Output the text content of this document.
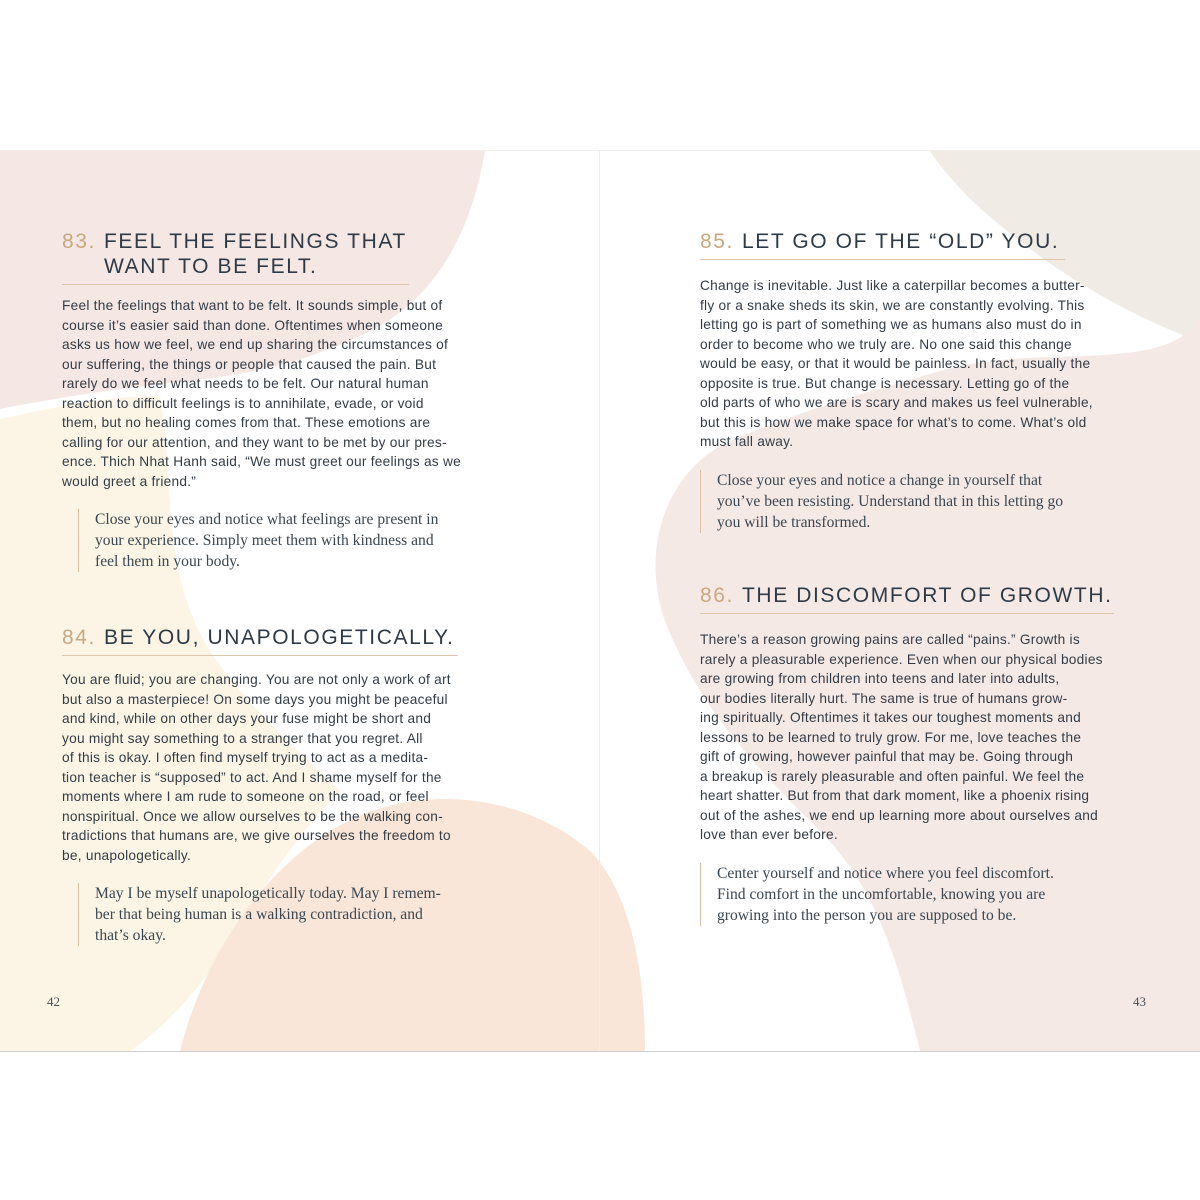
83. FEEL THE FEELINGS THAT
WANT TO BE FELT.

Feel the feelings that want to be felt. It sounds simple, but of
course it’s easier said than done. Oftentimes when someone
asks us how we feel, we end up sharing the circumstances of
our suffering, the things or people that caused the pain. But
rarely do we feel what needs to be felt. Our natural human
reaction to difficult feelings is to annihilate, evade, or void
them, but no healing comes from that. These emotions are
calling for our attention, and they want to be met by our pres-
ence. Thich Nhat Hanh said, “We must greet our feelings as we
would greet a friend.”

Close your eyes and notice what feelings are present in
your experience. Simply meet them with kindness and
feel them in your body.
84. BE YOU, UNAPOLOGETICALLY.

You are fluid; you are changing. You are not only a work of art
but also a masterpiece! On some days you might be peaceful
and kind, while on other days your fuse might be short and
you might say something to a stranger that you regret. All
of this is okay. I often find myself trying to act as a medita-
tion teacher is “supposed” to act. And I shame myself for the
moments where I am rude to someone on the road, or feel
nonspiritual. Once we allow ourselves to be the walking con-
tradictions that humans are, we give ourselves the freedom to
be, unapologetically.

May I be myself unapologetically today. May I remem-
ber that being human is a walking contradiction, and
that’s okay.
42
85. LET GO OF THE “OLD” YOU.

Change is inevitable. Just like a caterpillar becomes a butter-
fly or a snake sheds its skin, we are constantly evolving. This
letting go is part of something we as humans also must do in
order to become who we truly are. No one said this change
would be easy, or that it would be painless. In fact, usually the
opposite is true. But change is necessary. Letting go of the
old parts of who we are is scary and makes us feel vulnerable,
but this is how we make space for what’s to come. What’s old
must fall away.

Close your eyes and notice a change in yourself that
you’ve been resisting. Understand that in this letting go
you will be transformed.
86. THE DISCOMFORT OF GROWTH.

There’s a reason growing pains are called “pains.” Growth is
rarely a pleasurable experience. Even when our physical bodies
are growing from children into teens and later into adults,
our bodies literally hurt. The same is true of humans grow-
ing spiritually. Oftentimes it takes our toughest moments and
lessons to be learned to truly grow. For me, love teaches the
gift of growing, however painful that may be. Going through
a breakup is rarely pleasurable and often painful. We feel the
heart shatter. But from that dark moment, like a phoenix rising
out of the ashes, we end up learning more about ourselves and
love than ever before.

Center yourself and notice where you feel discomfort.
Find comfort in the uncomfortable, knowing you are
growing into the person you are supposed to be.
43
